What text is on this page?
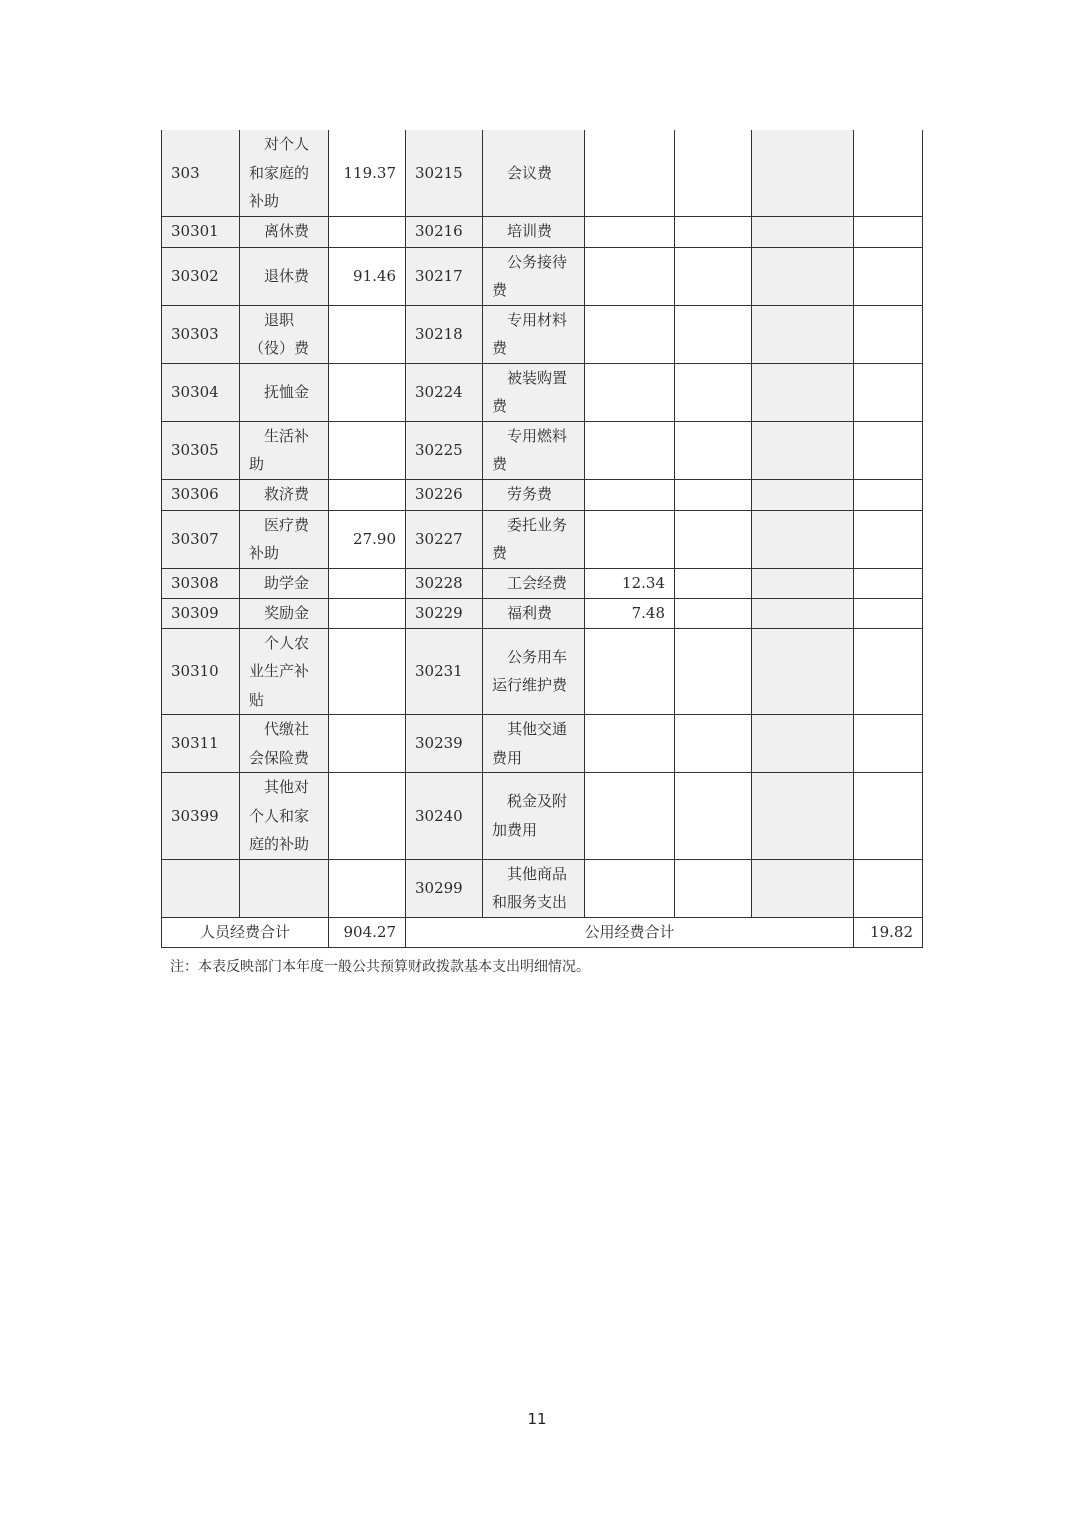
303	对个人和家庭的补助	119.37	30215	会议费				
30301	离休费		30216	培训费				
30302	退休费	91.46	30217	公务接待费				
30303	退职（役）费		30218	专用材料费				
30304	抚恤金		30224	被装购置费				
30305	生活补助		30225	专用燃料费				
30306	救济费		30226	劳务费				
30307	医疗费补助	27.90	30227	委托业务费				
30308	助学金		30228	工会经费	12.34			
30309	奖励金		30229	福利费	7.48			
30310	个人农业生产补贴		30231	公务用车运行维护费				
30311	代缴社会保险费		30239	其他交通费用				
30399	其他对个人和家庭的补助		30240	税金及附加费用				
			30299	其他商品和服务支出				
人员经费合计		904.27	公用经费合计					19.82
注：本表反映部门本年度一般公共预算财政拨款基本支出明细情况。
11
